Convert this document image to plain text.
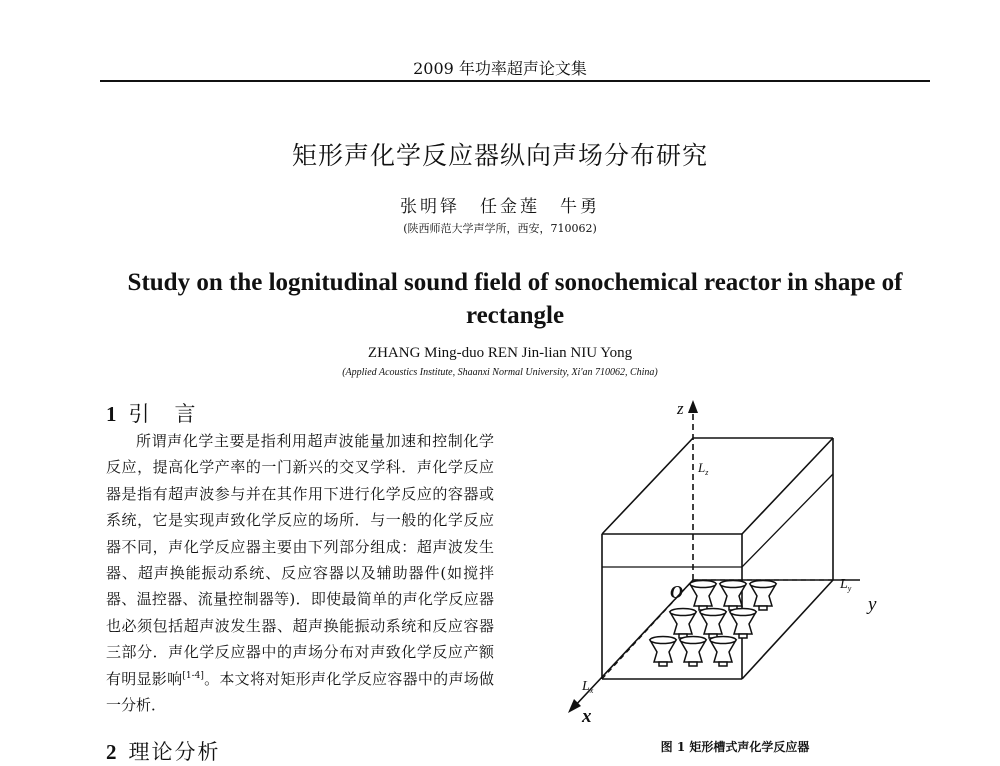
2009 年功率超声论文集
矩形声化学反应器纵向声场分布研究
张明铎　任金莲　牛勇
(陕西师范大学声学所，西安，710062)
Study on the lognitudinal sound field of sonochemical reactor in shape of rectangle
ZHANG Ming-duo REN Jin-lian NIU Yong
(Applied Acoustics Institute, Shaanxi Normal University, Xi'an 710062, China)
1 引　言

所谓声化学主要是指利用超声波能量加速和控制化学反应，提高化学产率的一门新兴的交叉学科．声化学反应器是指有超声波参与并在其作用下进行化学反应的容器或系统，它是实现声致化学反应的场所．与一般的化学反应器不同，声化学反应器主要由下列部分组成：超声波发生器、超声换能振动系统、反应容器以及辅助器件(如搅拌器、温控器、流量控制器等)．即使最简单的声化学反应器也必须包括超声波发生器、超声换能振动系统和反应容器三部分．声化学反应器中的声场分布对声致化学反应产额有明显影响[1-4]。本文将对矩形声化学反应容器中的声场做一分析．

2 理论分析
z
y
x
O
$L_z$
$L_y$
$L_x$
图 1 矩形槽式声化学反应器
